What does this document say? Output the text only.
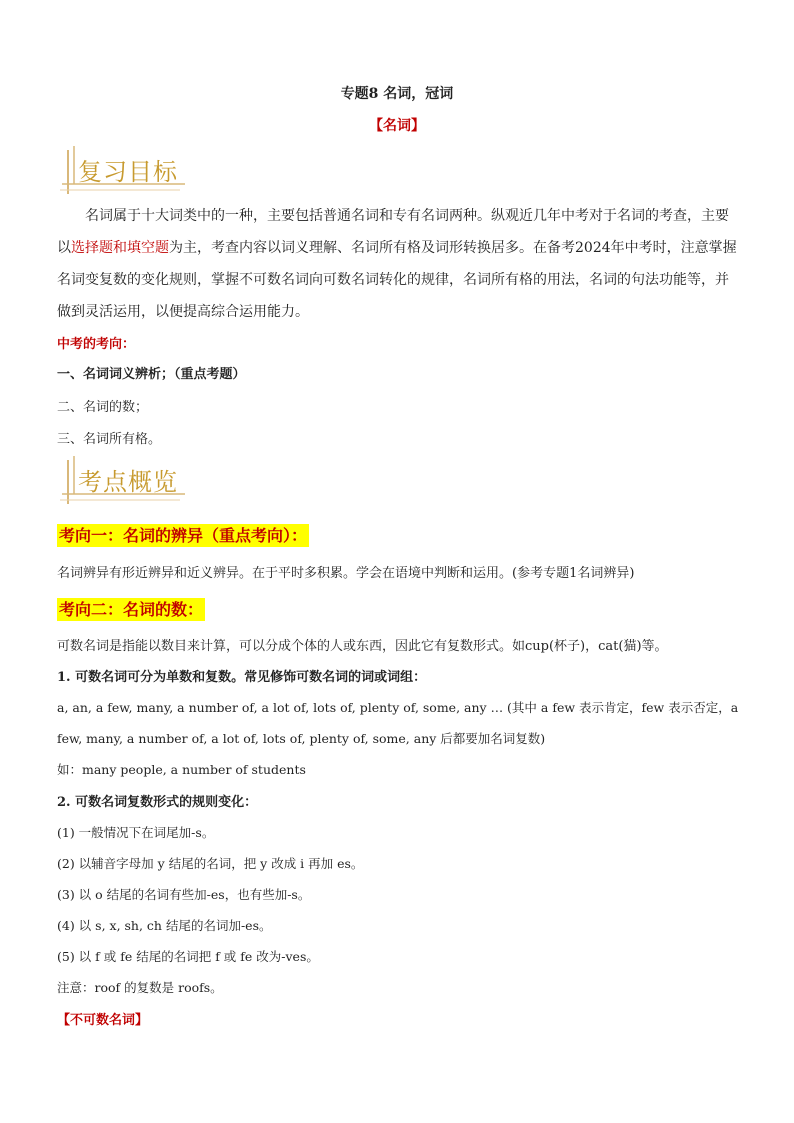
专题8 名词，冠词
【名词】
复习目标
名词属于十大词类中的一种，主要包括普通名词和专有名词两种。纵观近几年中考对于名词的考查，主要以选择题和填空题为主，考查内容以词义理解、名词所有格及词形转换居多。在备考2024年中考时，注意掌握名词变复数的变化规则，掌握不可数名词向可数名词转化的规律，名词所有格的用法，名词的句法功能等，并做到灵活运用，以便提高综合运用能力。
中考的考向：
一、名词词义辨析；（重点考题）
二、名词的数；
三、名词所有格。
考点概览
考向一：名词的辨异（重点考向）：
名词辨异有形近辨异和近义辨异。在于平时多积累。学会在语境中判断和运用。(参考专题1名词辨异)
考向二：名词的数：
可数名词是指能以数目来计算，可以分成个体的人或东西，因此它有复数形式。如cup(杯子)，cat(猫)等。
1. 可数名词可分为单数和复数。常见修饰可数名词的词或词组：
a, an, a few, many, a number of, a lot of, lots of, plenty of, some, any … (其中 a few 表示肯定，few 表示否定，a
few, many, a number of, a lot of, lots of, plenty of, some, any 后都要加名词复数)
如：many people, a number of students
2. 可数名词复数形式的规则变化：
(1) 一般情况下在词尾加-s。
(2) 以辅音字母加 y 结尾的名词，把 y 改成 i 再加 es。
(3) 以 o 结尾的名词有些加-es，也有些加-s。
(4) 以 s, x, sh, ch 结尾的名词加-es。
(5) 以 f 或 fe 结尾的名词把 f 或 fe 改为-ves。
注意：roof 的复数是 roofs。
【不可数名词】
